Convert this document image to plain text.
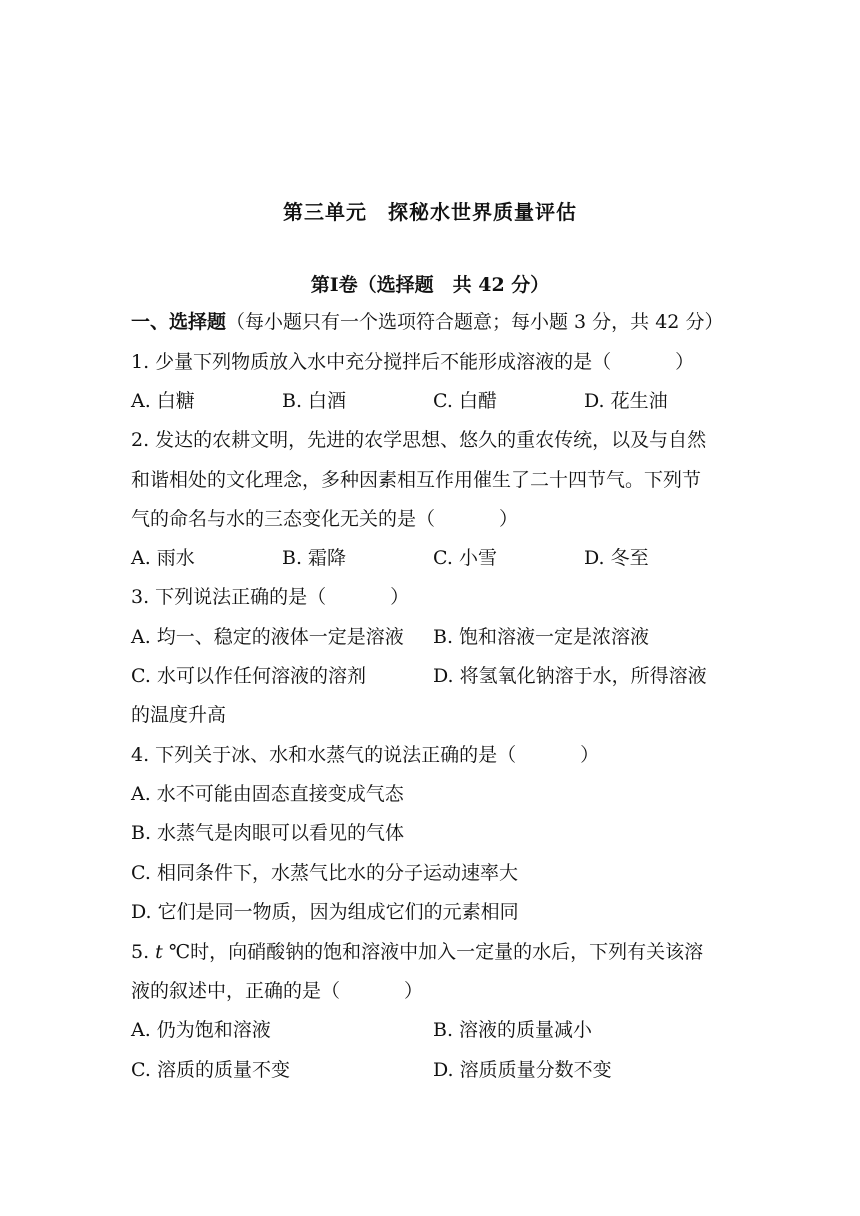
第三单元　探秘水世界质量评估
第Ⅰ卷（选择题　共 42 分）
一、选择题（每小题只有一个选项符合题意；每小题 3 分，共 42 分）
1. 少量下列物质放入水中充分搅拌后不能形成溶液的是（	）
A. 白糖	B. 白酒	C. 白醋	D. 花生油
2. 发达的农耕文明，先进的农学思想、悠久的重农传统，以及与自然
和谐相处的文化理念，多种因素相互作用催生了二十四节气。下列节
气的命名与水的三态变化无关的是（	）
A. 雨水	B. 霜降	C. 小雪	D. 冬至
3. 下列说法正确的是（	）
A. 均一、稳定的液体一定是溶液 B. 饱和溶液一定是浓溶液
C. 水可以作任何溶液的溶剂	D. 将氢氧化钠溶于水，所得溶液
的温度升高
4. 下列关于冰、水和水蒸气的说法正确的是（	）
A. 水不可能由固态直接变成气态
B. 水蒸气是肉眼可以看见的气体
C. 相同条件下，水蒸气比水的分子运动速率大
D. 它们是同一物质，因为组成它们的元素相同
5. t ℃时，向硝酸钠的饱和溶液中加入一定量的水后，下列有关该溶
液的叙述中，正确的是（	）
A. 仍为饱和溶液	B. 溶液的质量减小
C. 溶质的质量不变	D. 溶质质量分数不变
